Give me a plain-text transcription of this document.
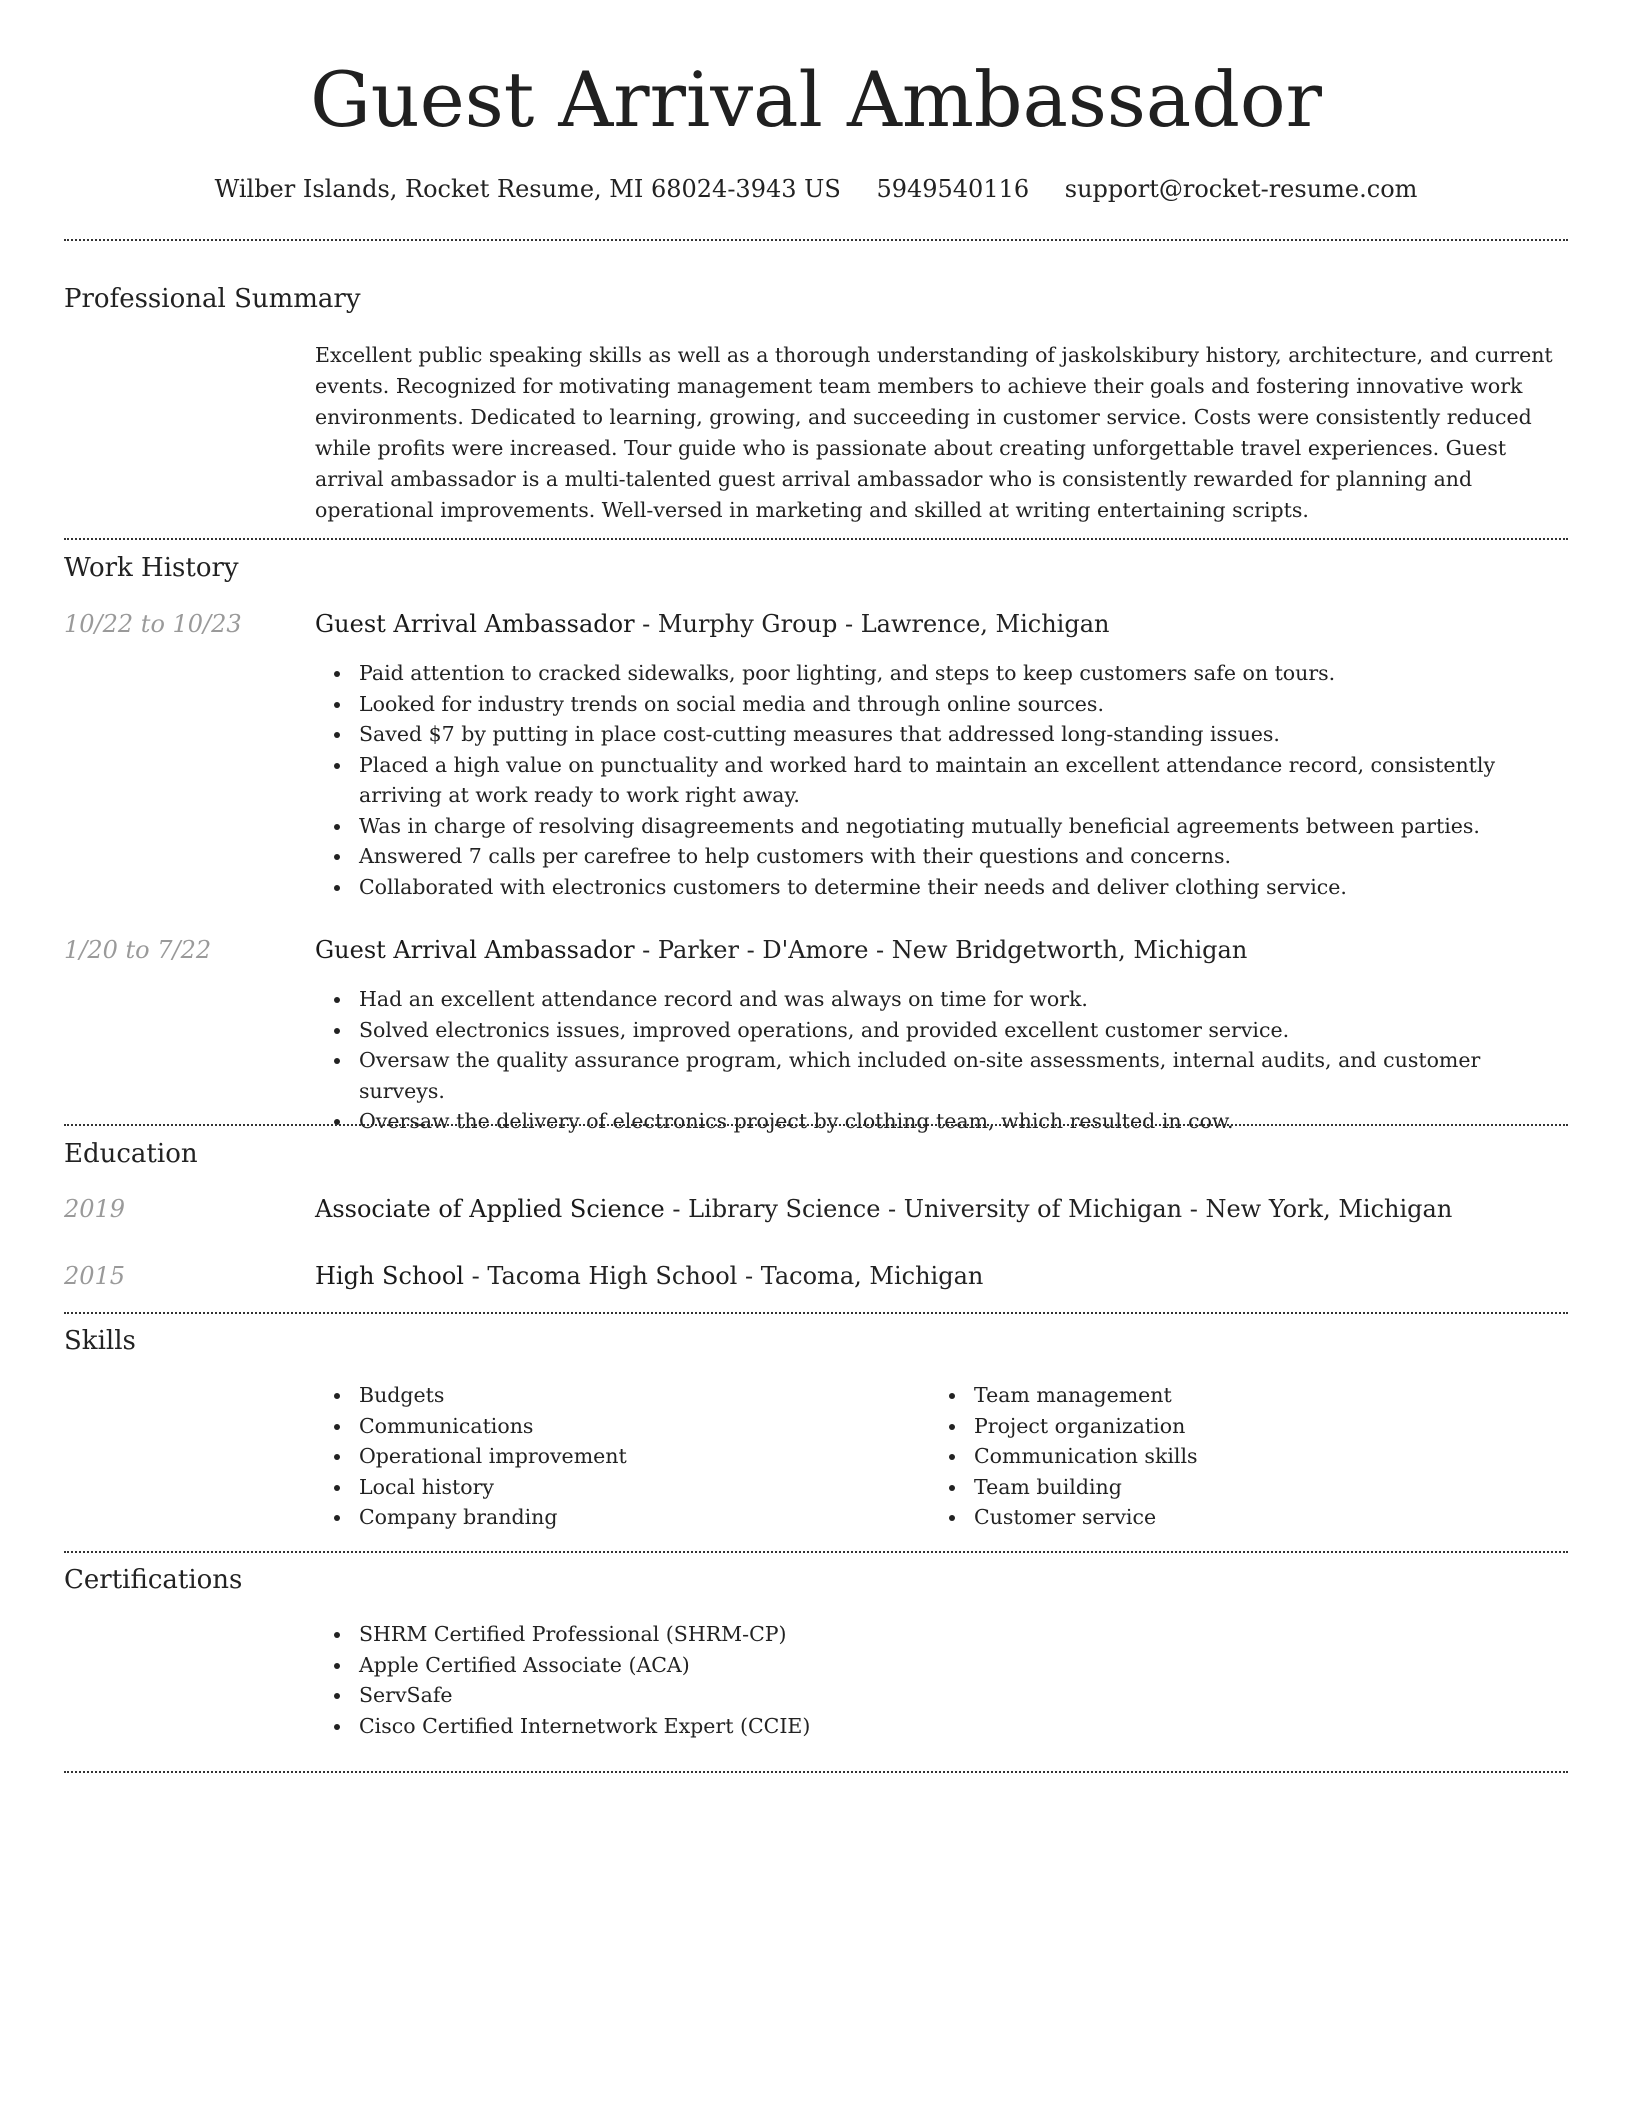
Guest Arrival Ambassador
Wilber Islands, Rocket Resume, MI 68024-3943 US 5949540116 support@rocket-resume.com
Professional Summary

Excellent public speaking skills as well as a thorough understanding of jaskolskibury history, architecture, and current events. Recognized for motivating management team members to achieve their goals and fostering innovative work environments. Dedicated to learning, growing, and succeeding in customer service. Costs were consistently reduced while profits were increased. Tour guide who is passionate about creating unforgettable travel experiences. Guest arrival ambassador is a multi-talented guest arrival ambassador who is consistently rewarded for planning and operational improvements. Well-versed in marketing and skilled at writing entertaining scripts.

Work History
10/22 to 10/23	Guest Arrival Ambassador - Murphy Group - Lawrence, Michigan
Paid attention to cracked sidewalks, poor lighting, and steps to keep customers safe on tours.
Looked for industry trends on social media and through online sources.
Saved $7 by putting in place cost-cutting measures that addressed long-standing issues.
Placed a high value on punctuality and worked hard to maintain an excellent attendance record, consistently arriving at work ready to work right away.
Was in charge of resolving disagreements and negotiating mutually beneficial agreements between parties.
Answered 7 calls per carefree to help customers with their questions and concerns.
Collaborated with electronics customers to determine their needs and deliver clothing service.
1/20 to 7/22	Guest Arrival Ambassador - Parker - D'Amore - New Bridgetworth, Michigan
Had an excellent attendance record and was always on time for work.
Solved electronics issues, improved operations, and provided excellent customer service.
Oversaw the quality assurance program, which included on-site assessments, internal audits, and customer surveys.
Oversaw the delivery of electronics project by clothing team, which resulted in cow.
Education
2019	Associate of Applied Science - Library Science - University of Michigan - New York, Michigan
2015	High School - Tacoma High School - Tacoma, Michigan
Skills
Budgets
Communications
Operational improvement
Local history
Company branding
Team management
Project organization
Communication skills
Team building
Customer service
Certifications
SHRM Certified Professional (SHRM-CP)
Apple Certified Associate (ACA)
ServSafe
Cisco Certified Internetwork Expert (CCIE)
